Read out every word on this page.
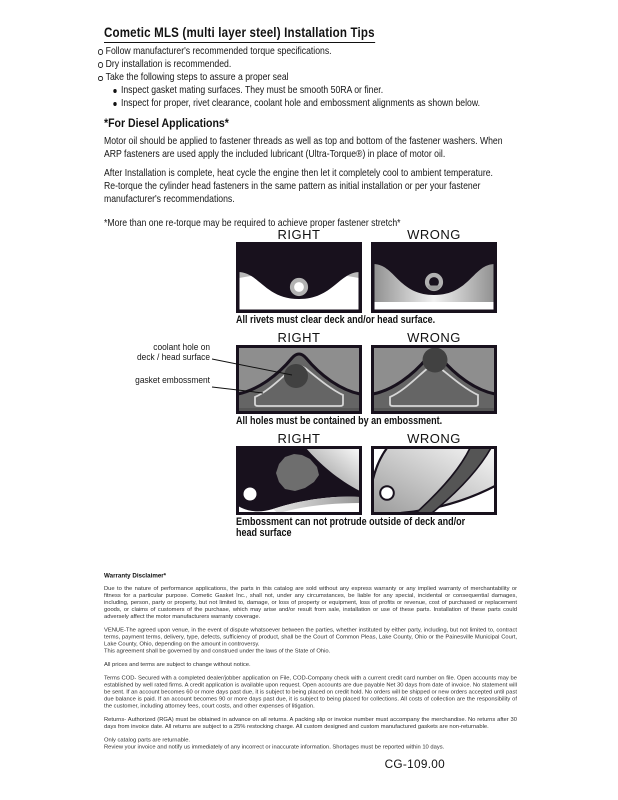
Cometic MLS (multi layer steel) Installation Tips
Follow manufacturer's recommended torque specifications.
Dry installation is recommended.
Take the following steps to assure a proper seal
Inspect gasket mating surfaces. They must be smooth 50RA or finer.
Inspect for proper, rivet clearance, coolant hole and embossment alignments as shown below.
*For Diesel Applications*
Motor oil should be applied to fastener threads as well as top and bottom of the fastener washers. When ARP fasteners are used apply the included lubricant (Ultra-Torque®) in place of motor oil.
After Installation is complete, heat cycle the engine then let it completely cool to ambient temperature. Re-torque the cylinder head fasteners in the same pattern as initial installation or per your fastener manufacturer's recommendations.
*More than one re-torque may be required to achieve proper fastener stretch*
RIGHT	WRONG
All rivets must clear deck and/or head surface.
RIGHT	WRONG
coolant hole on
deck / head surface
gasket embossment
All holes must be contained by an embossment.
RIGHT	WRONG
Embossment can not protrude outside of deck and/or head surface
Warranty Disclaimer*

Due to the nature of performance applications, the parts in this catalog are sold without any express warranty or any implied warranty of merchantability or fitness for a particular purpose. Cometic Gasket Inc., shall not, under any circumstances, be liable for any special, incidental or consequential damages, including, person, party or property, but not limited to, damage, or loss of property or equipment, loss of profits or revenue, cost of purchased or replacement goods, or claims of customers of the purchase, which may arise and/or result from sale, installation or use of these parts. Installation of these parts could adversely affect the motor manufacturers warranty coverage.

VENUE-The agreed upon venue, in the event of dispute whatsoever between the parties, whether instituted by either party, including, but not limited to, contract terms, payment terms, delivery, type, defects, sufficiency of product, shall be the Court of Common Pleas, Lake County, Ohio or the Painesville Municipal Court, Lake County, Ohio, depending on the amount in controversy.

This agreement shall be governed by and construed under the laws of the State of Ohio.

All prices and terms are subject to change without notice.

Terms COD- Secured with a completed dealer/jobber application on File, COD-Company check with a current credit card number on file. Open accounts may be established by well rated firms. A credit application is available upon request. Open accounts are due payable Net 30 days from date of invoice. No statement will be sent. If an account becomes 60 or more days past due, it is subject to being placed on credit hold. No orders will be shipped or new orders accepted until past due balance is paid. If an account becomes 90 or more days past due, it is subject to being placed for collections. All costs of collection are the responsibility of the customer, including attorney fees, court costs, and other expenses of litigation.

Returns- Authorized (RGA) must be obtained in advance on all returns. A packing slip or invoice number must accompany the merchandise. No returns after 30 days from invoice date. All returns are subject to a 25% restocking charge. All custom designed and custom manufactured gaskets are non-returnable.

Only catalog parts are returnable.

Review your invoice and notify us immediately of any incorrect or inaccurate information. Shortages must be reported within 10 days.

CG-109.00
